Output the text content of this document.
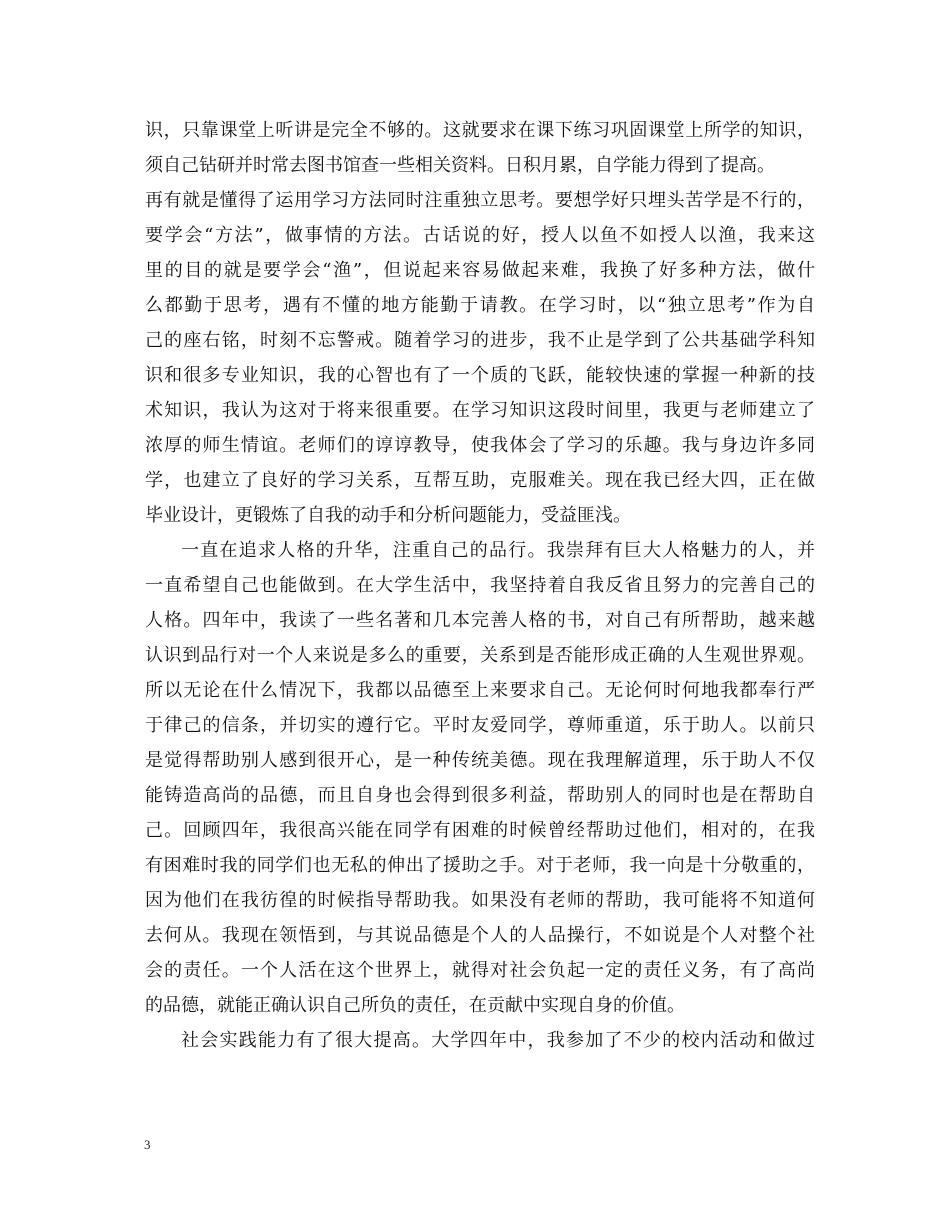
识，只靠课堂上听讲是完全不够的。这就要求在课下练习巩固课堂上所学的知识，
须自己钻研并时常去图书馆查一些相关资料。日积月累，自学能力得到了提高。
再有就是懂得了运用学习方法同时注重独立思考。要想学好只埋头苦学是不行的，
要学会“方法”，做事情的方法。古话说的好，授人以鱼不如授人以渔，我来这
里的目的就是要学会“渔”，但说起来容易做起来难，我换了好多种方法，做什
么都勤于思考，遇有不懂的地方能勤于请教。在学习时，以“独立思考”作为自
己的座右铭，时刻不忘警戒。随着学习的进步，我不止是学到了公共基础学科知
识和很多专业知识，我的心智也有了一个质的飞跃，能较快速的掌握一种新的技
术知识，我认为这对于将来很重要。在学习知识这段时间里，我更与老师建立了
浓厚的师生情谊。老师们的谆谆教导，使我体会了学习的乐趣。我与身边许多同
学，也建立了良好的学习关系，互帮互助，克服难关。现在我已经大四，正在做
毕业设计，更锻炼了自我的动手和分析问题能力，受益匪浅。
一直在追求人格的升华，注重自己的品行。我崇拜有巨大人格魅力的人，并
一直希望自己也能做到。在大学生活中，我坚持着自我反省且努力的完善自己的
人格。四年中，我读了一些名著和几本完善人格的书，对自己有所帮助，越来越
认识到品行对一个人来说是多么的重要，关系到是否能形成正确的人生观世界观。
所以无论在什么情况下，我都以品德至上来要求自己。无论何时何地我都奉行严
于律己的信条，并切实的遵行它。平时友爱同学，尊师重道，乐于助人。以前只
是觉得帮助别人感到很开心，是一种传统美德。现在我理解道理，乐于助人不仅
能铸造高尚的品德，而且自身也会得到很多利益，帮助别人的同时也是在帮助自
己。回顾四年，我很高兴能在同学有困难的时候曾经帮助过他们，相对的，在我
有困难时我的同学们也无私的伸出了援助之手。对于老师，我一向是十分敬重的，
因为他们在我彷徨的时候指导帮助我。如果没有老师的帮助，我可能将不知道何
去何从。我现在领悟到，与其说品德是个人的人品操行，不如说是个人对整个社
会的责任。一个人活在这个世界上，就得对社会负起一定的责任义务，有了高尚
的品德，就能正确认识自己所负的责任，在贡献中实现自身的价值。
社会实践能力有了很大提高。大学四年中，我参加了不少的校内活动和做过
3
